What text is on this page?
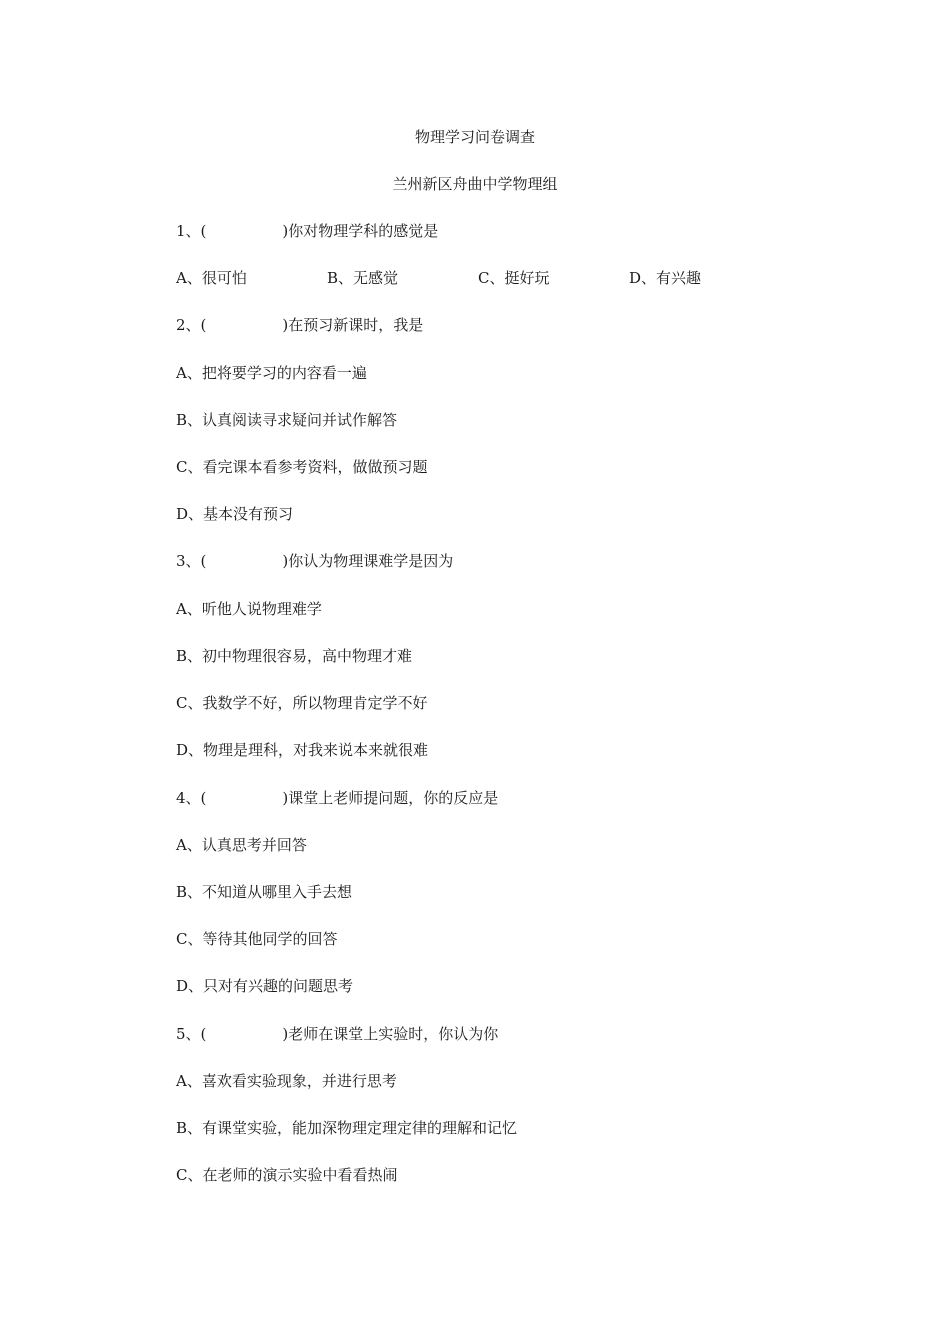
物理学习问卷调查
兰州新区舟曲中学物理组
1、(	)你对物理学科的感觉是
A、很可怕	B、无感觉	C、挺好玩	D、有兴趣
2、(	)在预习新课时，我是
A、把将要学习的内容看一遍
B、认真阅读寻求疑问并试作解答
C、看完课本看参考资料，做做预习题
D、基本没有预习
3、(	)你认为物理课难学是因为
A、听他人说物理难学
B、初中物理很容易，高中物理才难
C、我数学不好，所以物理肯定学不好
D、物理是理科，对我来说本来就很难
4、(	)课堂上老师提问题，你的反应是
A、认真思考并回答
B、不知道从哪里入手去想
C、等待其他同学的回答
D、只对有兴趣的问题思考
5、(	)老师在课堂上实验时，你认为你
A、喜欢看实验现象，并进行思考
B、有课堂实验，能加深物理定理定律的理解和记忆
C、在老师的演示实验中看看热闹
